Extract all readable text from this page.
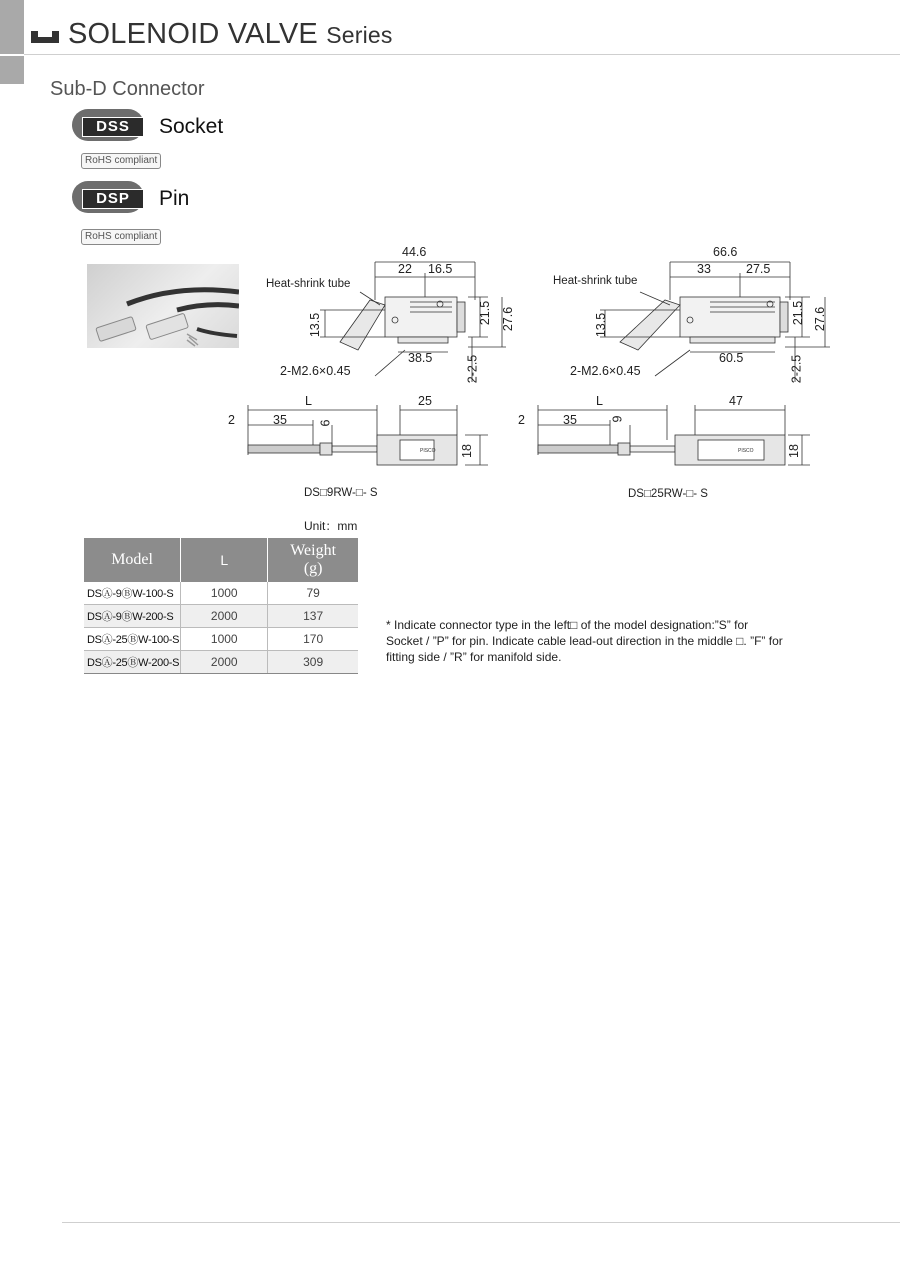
SOLENOID VALVE Series
Sub-D Connector
DSS	Socket
RoHS compliant
DSP	Pin
RoHS compliant
44.6
22 16.5
Heat-shrink tube
13.5	21.5 27.6
38.5	2-2.5
2-M2.6×0.45
L
2	35	6
25
18
PISCO
DS□9RW-□- S
66.6
33	27.5
Heat-shrink tube
13.5	21.5 27.6
60.5	2-2.5
2-M2.6×0.45
L
2	35	9
47
18
PISCO
DS□25RW-□- S
Unit：mm
Model	L	Weight
(g)
DSⒶ-9ⒷW-100-S	1000	79
DSⒶ-9ⒷW-200-S	2000	137
DSⒶ-25ⒷW-100-S	1000	170
DSⒶ-25ⒷW-200-S	2000	309
* Indicate connector type in the left□ of the model designation:”S” for Socket / ”P” for pin. Indicate cable lead-out direction in the middle □. ”F” for fitting side / ”R” for manifold side.
